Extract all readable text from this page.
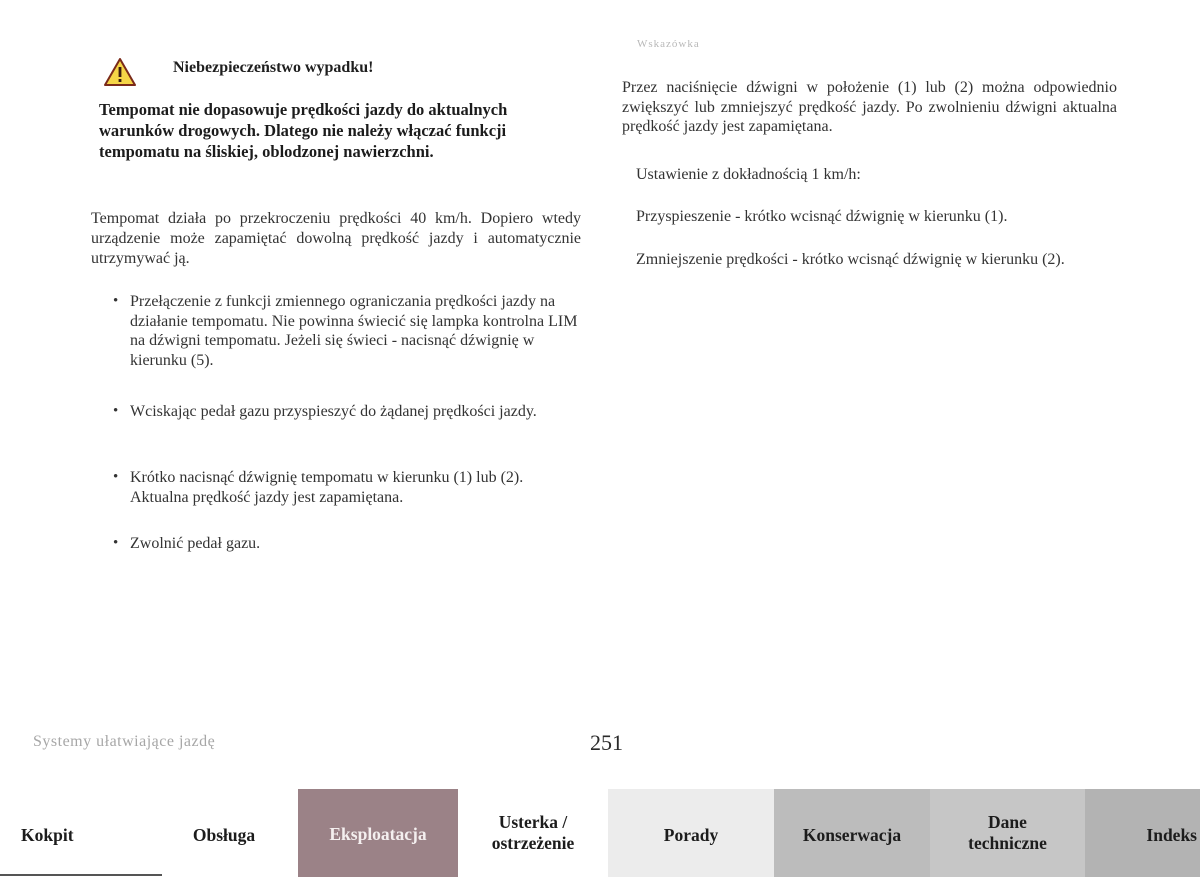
Niebezpieczeństwo wypadku!
Tempomat nie dopasowuje prędkości jazdy do aktualnych warunków drogowych. Dlatego nie należy włączać funkcji tempomatu na śliskiej, oblodzonej nawierzchni.

Tempomat działa po przekroczeniu prędkości 40 km/h. Dopiero wtedy urządzenie może zapamiętać dowolną prędkość jazdy i automatycznie utrzymywać ją.

• Przełączenie z funkcji zmiennego ograniczania prędkości jazdy na działanie tempomatu. Nie powinna świecić się lampka kontrolna LIM na dźwigni tempomatu. Jeżeli się świeci - nacisnąć dźwignię w kierunku (5).
• Wciskając pedał gazu przyspieszyć do żądanej prędkości jazdy.
• Krótko nacisnąć dźwignię tempomatu w kierunku (1) lub (2). Aktualna prędkość jazdy jest zapamiętana.
• Zwolnić pedał gazu.
Wskazówka

Przez naciśnięcie dźwigni w położenie (1) lub (2) można odpowiednio zwiększyć lub zmniejszyć prędkość jazdy. Po zwolnieniu dźwigni aktualna prędkość jazdy jest zapamiętana.

Ustawienie z dokładnością 1 km/h:
Przyspieszenie - krótko wcisnąć dźwignię w kierunku (1).
Zmniejszenie prędkości - krótko wcisnąć dźwignię w kierunku (2).
Systemy ułatwiające jazdę	251
Kokpit	Obsługa	Eksploatacja
Usterka /
ostrzeżenie	Porady	Konserwacja
Dane
techniczne	Indeks
